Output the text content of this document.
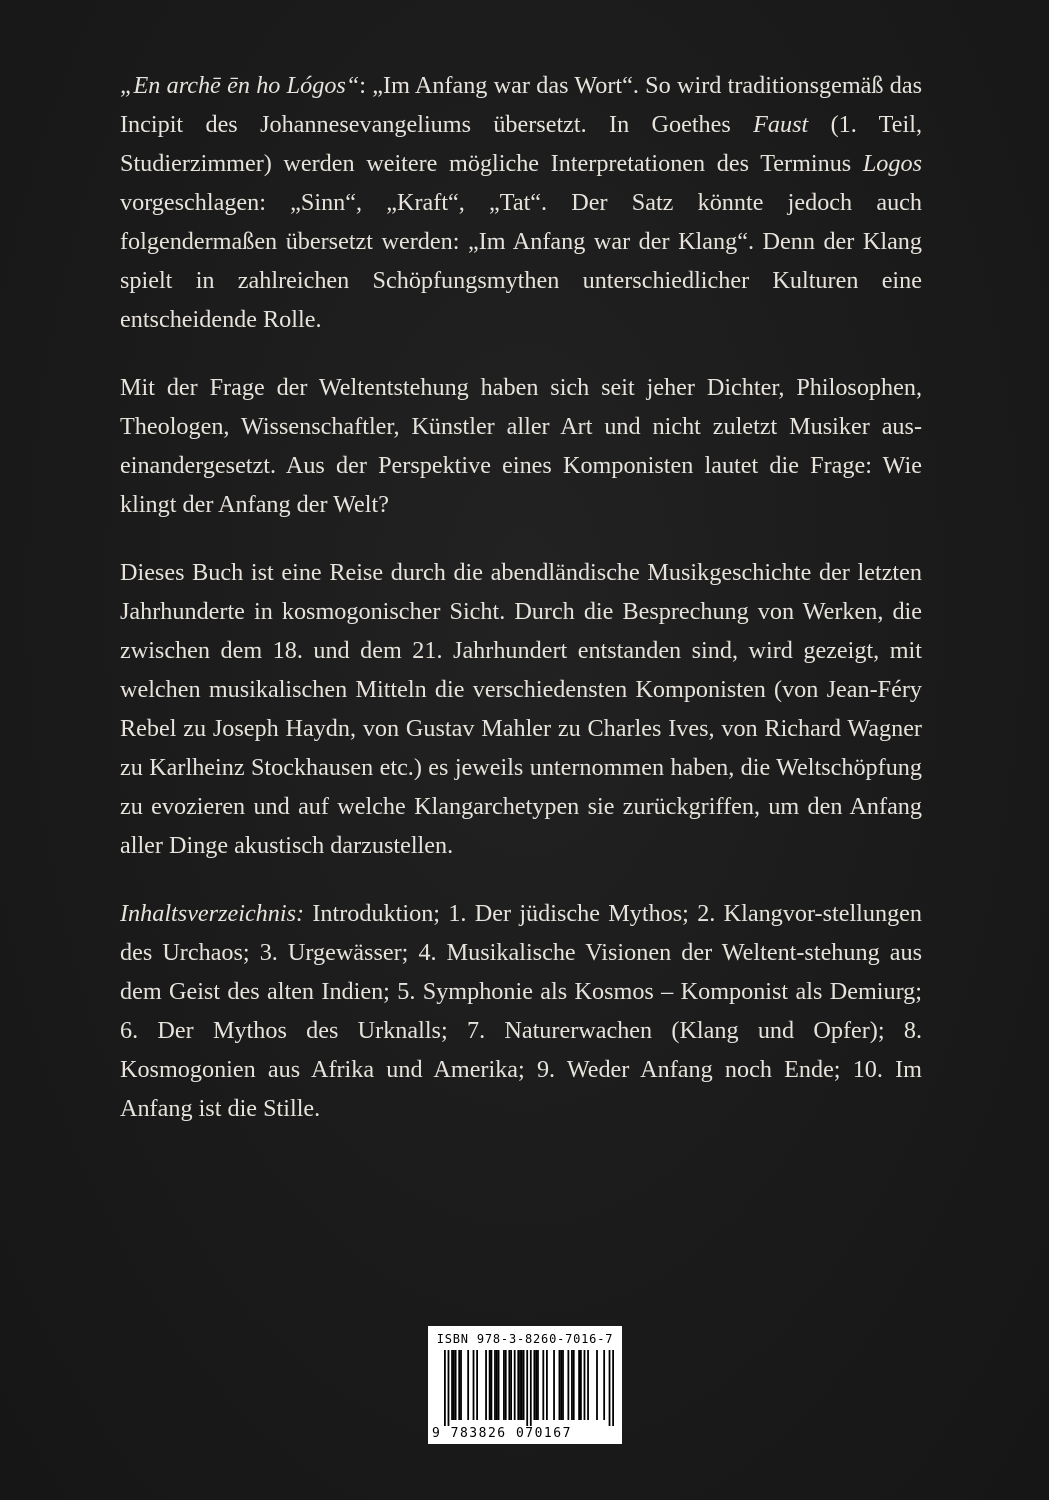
„En archē ēn ho Lógos“: „Im Anfang war das Wort“. So wird traditionsgemäß das Incipit des Johannesevangeliums übersetzt. In Goethes Faust (1. Teil, Studierzimmer) werden weitere mögliche Interpretationen des Terminus Logos vorgeschlagen: „Sinn“, „Kraft“, „Tat“. Der Satz könnte jedoch auch folgendermaßen übersetzt werden: „Im Anfang war der Klang“. Denn der Klang spielt in zahlreichen Schöpfungsmythen unterschiedlicher Kulturen eine entscheidende Rolle.

Mit der Frage der Weltentstehung haben sich seit jeher Dichter, Philosophen, Theologen, Wissenschaftler, Künstler aller Art und nicht zuletzt Musiker aus-einandergesetzt. Aus der Perspektive eines Komponisten lautet die Frage: Wie klingt der Anfang der Welt?

Dieses Buch ist eine Reise durch die abendländische Musikgeschichte der letzten Jahrhunderte in kosmogonischer Sicht. Durch die Besprechung von Werken, die zwischen dem 18. und dem 21. Jahrhundert entstanden sind, wird gezeigt, mit welchen musikalischen Mitteln die verschiedensten Komponisten (von Jean-Féry Rebel zu Joseph Haydn, von Gustav Mahler zu Charles Ives, von Richard Wagner zu Karlheinz Stockhausen etc.) es jeweils unternommen haben, die Weltschöpfung zu evozieren und auf welche Klangarchetypen sie zurückgriffen, um den Anfang aller Dinge akustisch darzustellen.

Inhaltsverzeichnis: Introduktion; 1. Der jüdische Mythos; 2. Klangvor-stellungen des Urchaos; 3. Urgewässer; 4. Musikalische Visionen der Weltent-stehung aus dem Geist des alten Indien; 5. Symphonie als Kosmos – Komponist als Demiurg; 6. Der Mythos des Urknalls; 7. Naturerwachen (Klang und Opfer); 8. Kosmogonien aus Afrika und Amerika; 9. Weder Anfang noch Ende; 10. Im Anfang ist die Stille.

ISBN 978-3-8260-7016-7
9 783826 070167
